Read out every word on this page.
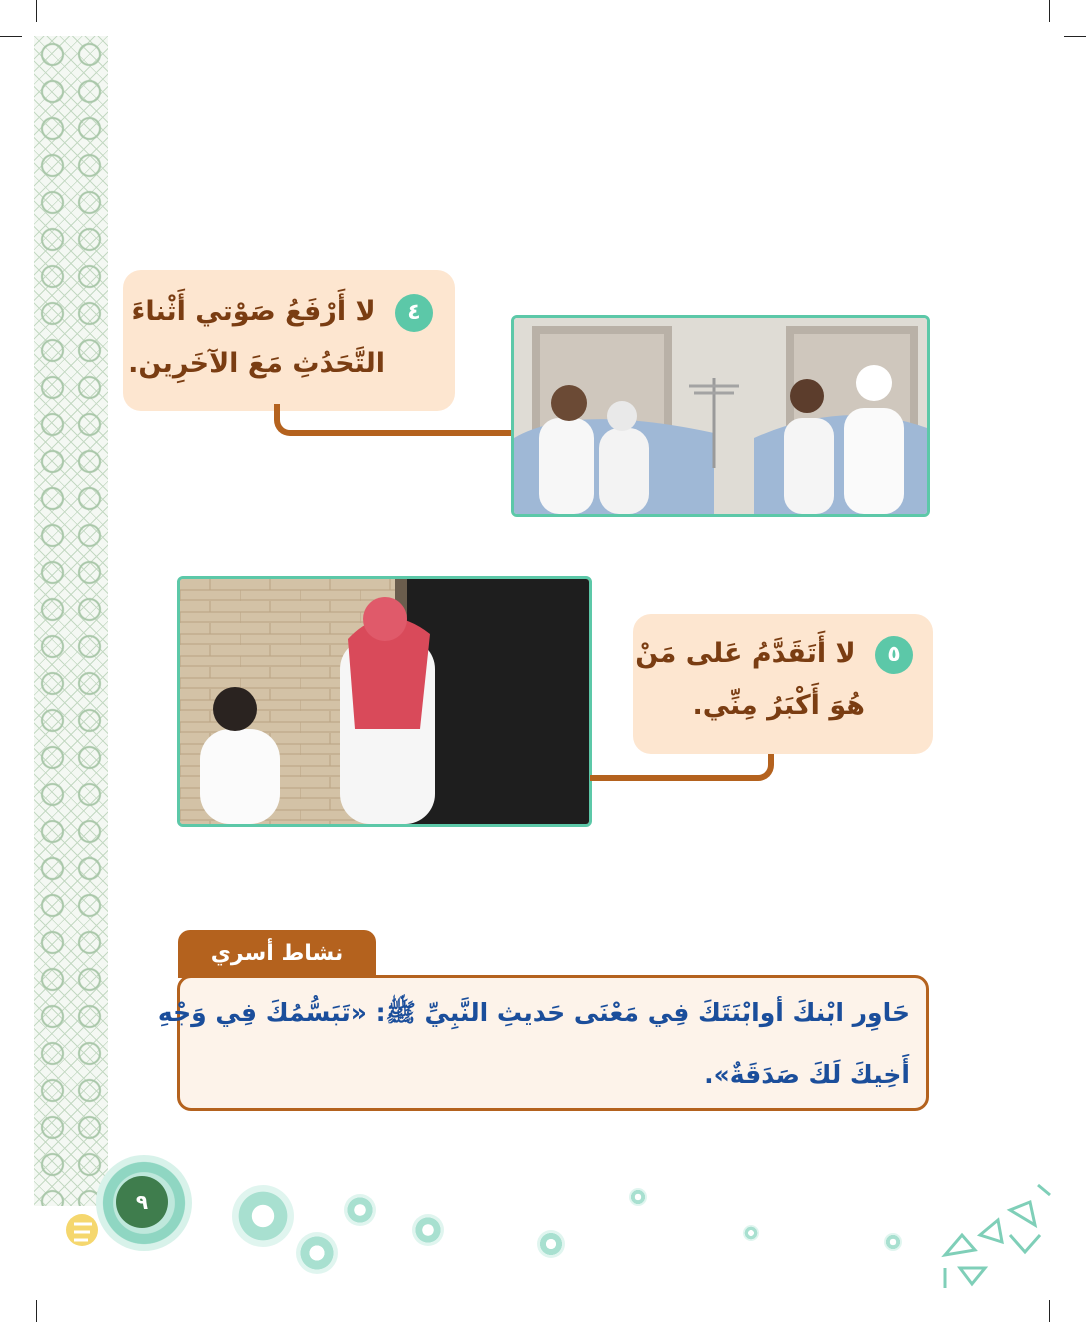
٤ لا أَرْفَعُ صَوْتي أَثْناءَ
التَّحَدُثِ مَعَ الآخَرِين.
٥ لا أَتَقَدَّمُ عَلى مَنْ
هُوَ أَكْبَرُ مِنِّي.
نشاط أسري
حَاوِر ابْنكَ أوابْنَتَكَ فِي مَعْنَى حَديثِ النَّبِيِّ ﷺ: «تَبَسُّمُكَ فِي وَجْهِ
أَخِيكَ لَكَ صَدَقَةٌ».
٩
